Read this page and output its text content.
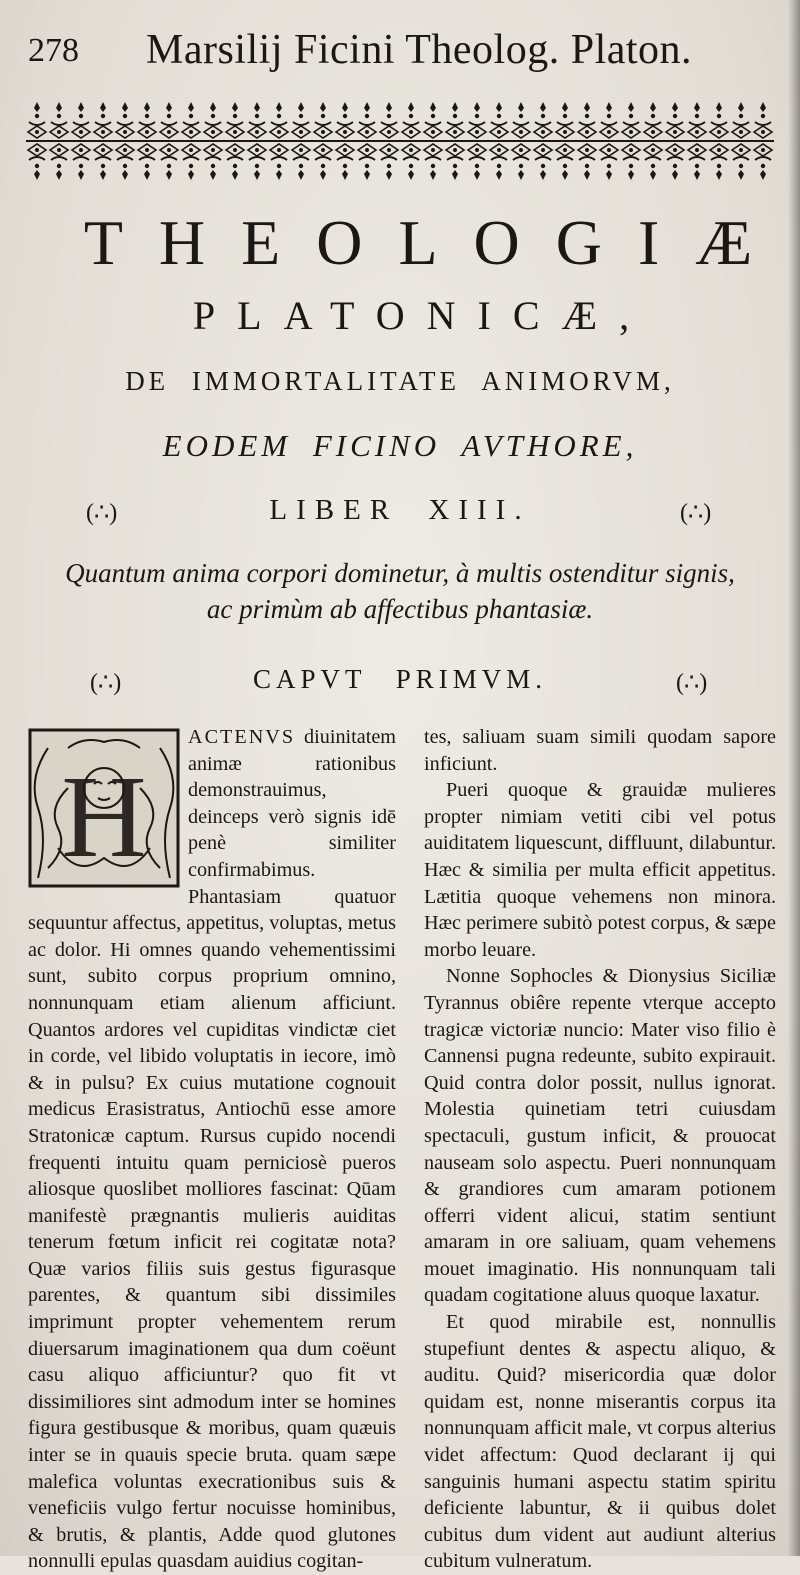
278 Marsilij Ficini Theolog. Platon.
THEOLOGIÆ
PLATONICÆ,
DE IMMORTALITATE ANIMORVM,
EODEM FICINO AVTHORE,
(∴)	LIBER XIII.	(∴)
Quantum anima corpori dominetur, à multis ostenditur signis,
ac primùm ab affectibus phantasiæ.
(∴)	CAPVT PRIMVM.	(∴)
H

ACTENVS diuinitatem animæ rationibus demonstrauimus, deinceps verò signis idē penè similiter confirmabimus. Phantasiam quatuor sequuntur affectus, appetitus, voluptas, metus ac dolor. Hi omnes quando vehementissimi sunt, subito corpus proprium omnino, nonnunquam etiam alienum afficiunt. Quantos ardores vel cupiditas vindictæ ciet in corde, vel libido voluptatis in iecore, imò & in pulsu? Ex cuius mutatione cognouit medicus Erasistratus, Antiochū esse amore Stratonicæ captum. Rursus cupido nocendi frequenti intuitu quam perniciosè pueros aliosque quoslibet molliores fascinat: Qūam manifestè prægnantis mulieris auiditas tenerum fœtum inficit rei cogitatæ nota? Quæ varios filiis suis gestus figurasque parentes, & quantum sibi dissimiles imprimunt propter vehementem rerum diuersarum imaginationem qua dum coëunt casu aliquo afficiuntur? quo fit vt dissimiliores sint admodum inter se homines figura gestibusque & moribus, quam quæuis inter se in quauis specie bruta. quam sæpe malefica voluntas execrationibus suis & veneficiis vulgo fertur nocuisse hominibus, & brutis, & plantis, Adde quod glutones nonnulli epulas quasdam auidius cogitan-

tes, saliuam suam simili quodam sapore inficiunt.

Pueri quoque & grauidæ mulieres propter nimiam vetiti cibi vel potus auiditatem liquescunt, diffluunt, dilabuntur. Hæc & similia per multa efficit appetitus. Lætitia quoque vehemens non minora. Hæc perimere subitò potest corpus, & sæpe morbo leuare.

Nonne Sophocles & Dionysius Siciliæ Tyrannus obiêre repente vterque accepto tragicæ victoriæ nuncio: Mater viso filio è Cannensi pugna redeunte, subito expirauit. Quid contra dolor possit, nullus ignorat. Molestia quinetiam tetri cuiusdam spectaculi, gustum inficit, & prouocat nauseam solo aspectu. Pueri nonnunquam & grandiores cum amaram potionem offerri vident alicui, statim sentiunt amaram in ore saliuam, quam vehemens mouet imaginatio. His nonnunquam tali quadam cogitatione aluus quoque laxatur.

Et quod mirabile est, nonnullis stupefiunt dentes & aspectu aliquo, & auditu. Quid? misericordia quæ dolor quidam est, nonne miserantis corpus ita nonnunquam afficit male, vt corpus alterius videt affectum: Quod declarant ij qui sanguinis humani aspectu statim spiritu deficiente labuntur, & ii quibus dolet cubitus dum vident aut audiunt alterius cubitum vulneratum.
